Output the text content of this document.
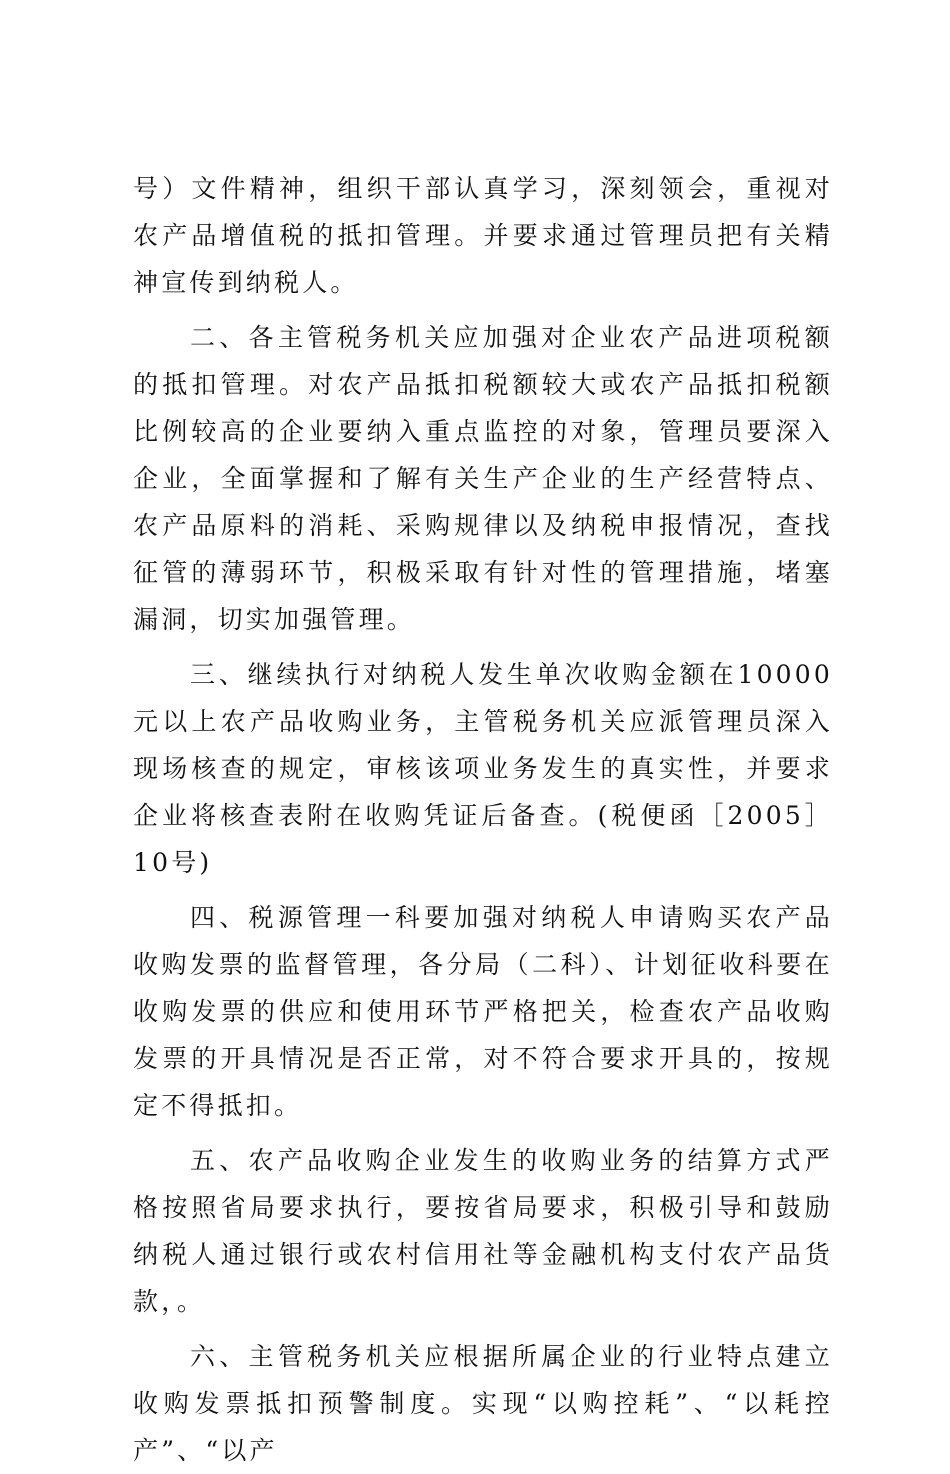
号）文件精神，组织干部认真学习，深刻领会，重视对农产品增值税的抵扣管理。并要求通过管理员把有关精神宣传到纳税人。

二、各主管税务机关应加强对企业农产品进项税额的抵扣管理。对农产品抵扣税额较大或农产品抵扣税额比例较高的企业要纳入重点监控的对象，管理员要深入企业，全面掌握和了解有关生产企业的生产经营特点、农产品原料的消耗、采购规律以及纳税申报情况，查找征管的薄弱环节，积极采取有针对性的管理措施，堵塞漏洞，切实加强管理。

三、继续执行对纳税人发生单次收购金额在10000元以上农产品收购业务，主管税务机关应派管理员深入现场核查的规定，审核该项业务发生的真实性，并要求企业将核查表附在收购凭证后备查。(税便函［2005］10号)

四、税源管理一科要加强对纳税人申请购买农产品收购发票的监督管理，各分局（二科）、计划征收科要在收购发票的供应和使用环节严格把关，检查农产品收购发票的开具情况是否正常，对不符合要求开具的，按规定不得抵扣。

五、农产品收购企业发生的收购业务的结算方式严格按照省局要求执行，要按省局要求，积极引导和鼓励纳税人通过银行或农村信用社等金融机构支付农产品货款，。

六、主管税务机关应根据所属企业的行业特点建立收购发票抵扣预警制度。实现“以购控耗”、“以耗控产”、“以产
